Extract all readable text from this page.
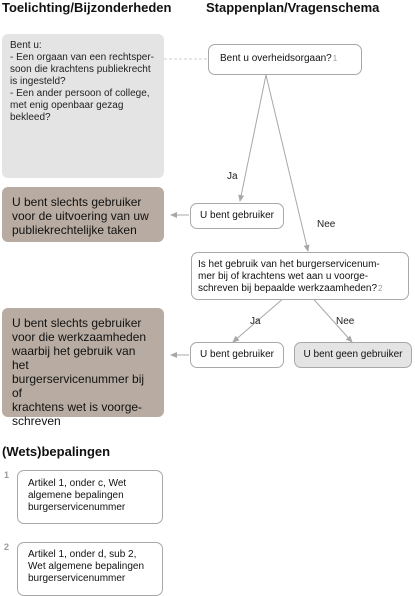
Toelichting/Bijzonderheden	Stappenplan/Vragenschema
Bent u:
- Een orgaan van een rechtsper-
soon die krachtens publiekrecht
is ingesteld?
- Een ander persoon of college,
met enig openbaar gezag
bekleed?
Bent u overheidsorgaan?$^1$
Ja
Nee
U bent slechts gebruiker
voor de uitvoering van uw
publiekrechtelijke taken
U bent gebruiker
Is het gebruik van het burgerservicenum-
mer bij of krachtens wet aan u voorge-
schreven bij bepaalde werkzaamheden?$^2$
Ja	Nee
U bent slechts gebruiker
voor die werkzaamheden
waarbij het gebruik van het
burgerservicenummer bij of
krachtens wet is voorge-
schreven
U bent gebruiker	U bent geen gebruiker
(Wets)bepalingen
1
Artikel 1, onder c, Wet
algemene bepalingen
burgerservicenummer
2
Artikel 1, onder d, sub 2,
Wet algemene bepalingen
burgerservicenummer
